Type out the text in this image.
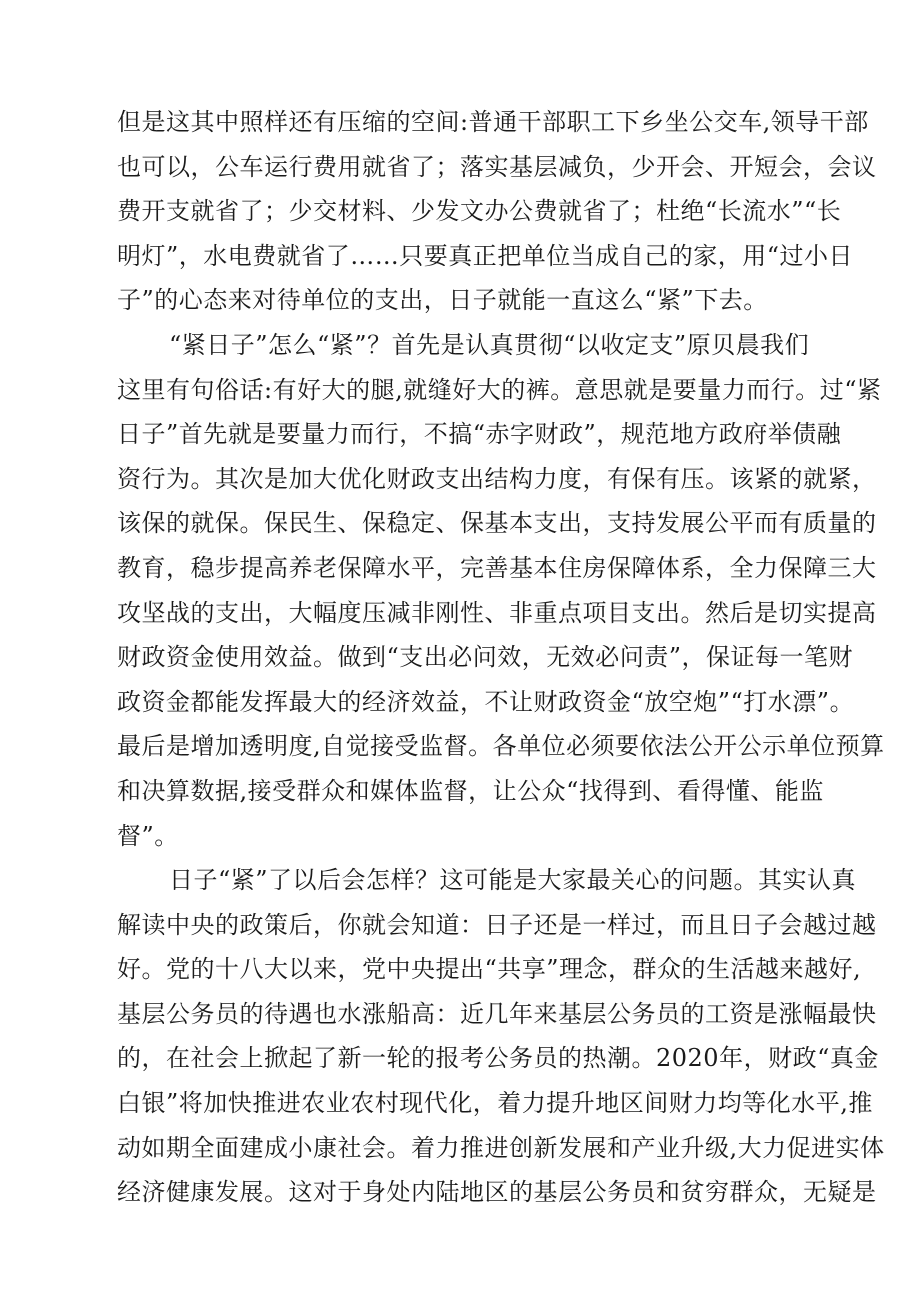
但是这其中照样还有压缩的空间:普通干部职工下乡坐公交车,领导干部
也可以，公车运行费用就省了；落实基层减负，少开会、开短会，会议
费开支就省了；少交材料、少发文办公费就省了；杜绝“长流水”“长
明灯”，水电费就省了……只要真正把单位当成自己的家，用“过小日
子”的心态来对待单位的支出，日子就能一直这么“紧”下去。
“紧日子”怎么“紧”？首先是认真贯彻“以收定支”原贝晨我们
这里有句俗话:有好大的腿,就缝好大的裤。意思就是要量力而行。过“紧
日子”首先就是要量力而行，不搞“赤字财政”，规范地方政府举债融
资行为。其次是加大优化财政支出结构力度，有保有压。该紧的就紧，
该保的就保。保民生、保稳定、保基本支出，支持发展公平而有质量的
教育，稳步提高养老保障水平，完善基本住房保障体系，全力保障三大
攻坚战的支出，大幅度压减非刚性、非重点项目支出。然后是切实提高
财政资金使用效益。做到“支出必问效，无效必问责”，保证每一笔财
政资金都能发挥最大的经济效益，不让财政资金“放空炮”“打水漂”。
最后是增加透明度,自觉接受监督。各单位必须要依法公开公示单位预算
和决算数据,接受群众和媒体监督，让公众“找得到、看得懂、能监
督”。
日子“紧”了以后会怎样？这可能是大家最关心的问题。其实认真
解读中央的政策后，你就会知道：日子还是一样过，而且日子会越过越
好。党的十八大以来，党中央提出“共享”理念，群众的生活越来越好,
基层公务员的待遇也水涨船高：近几年来基层公务员的工资是涨幅最快
的，在社会上掀起了新一轮的报考公务员的热潮。2020年，财政“真金
白银”将加快推进农业农村现代化，着力提升地区间财力均等化水平,推
动如期全面建成小康社会。着力推进创新发展和产业升级,大力促进实体
经济健康发展。这对于身处内陆地区的基层公务员和贫穷群众，无疑是
